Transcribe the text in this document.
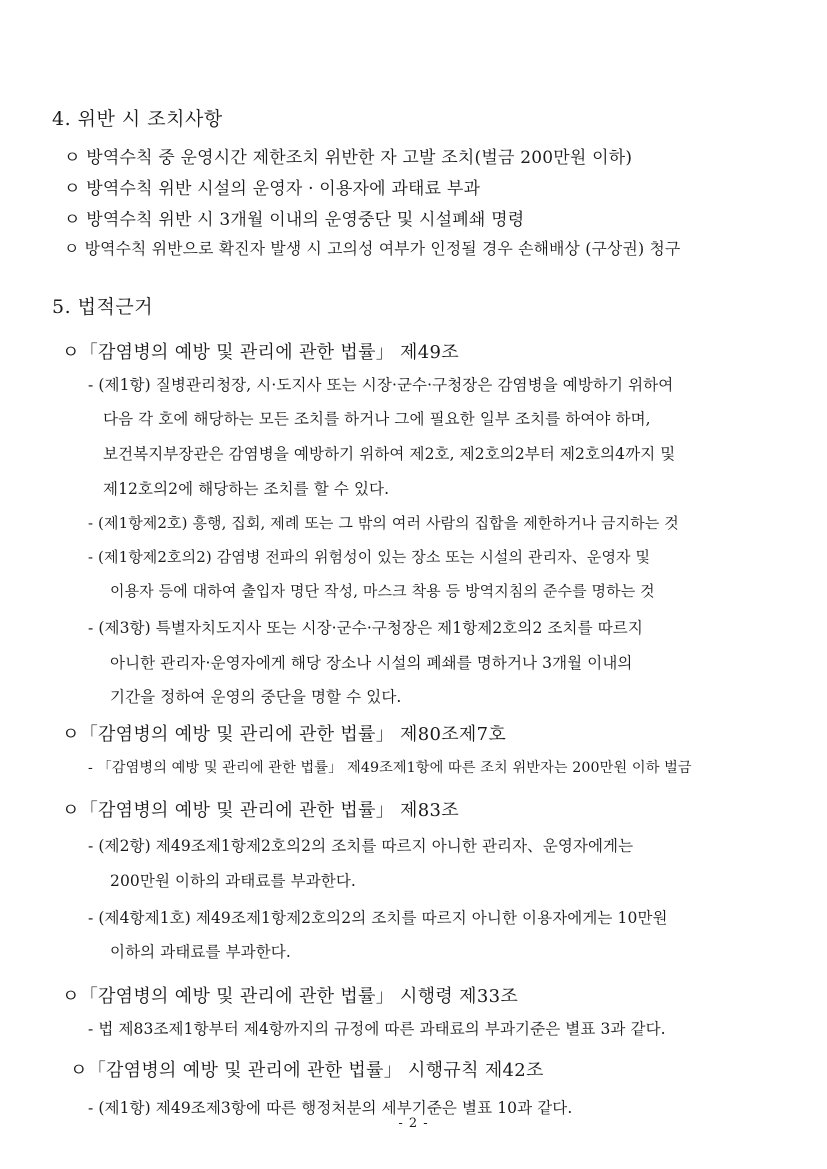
4. 위반 시 조치사항
ㅇ 방역수칙 중 운영시간 제한조치 위반한 자 고발 조치(벌금 200만원 이하)
ㅇ 방역수칙 위반 시설의 운영자 · 이용자에 과태료 부과
ㅇ 방역수칙 위반 시 3개월 이내의 운영중단 및 시설폐쇄 명령
ㅇ 방역수칙 위반으로 확진자 발생 시 고의성 여부가 인정될 경우 손해배상 (구상권) 청구
5. 법적근거
ㅇ「감염병의 예방 및 관리에 관한 법률」 제49조
- (제1항) 질병관리청장, 시·도지사 또는 시장·군수·구청장은 감염병을 예방하기 위하여
다음 각 호에 해당하는 모든 조치를 하거나 그에 필요한 일부 조치를 하여야 하며,
보건복지부장관은 감염병을 예방하기 위하여 제2호, 제2호의2부터 제2호의4까지 및
제12호의2에 해당하는 조치를 할 수 있다.
- (제1항제2호) 흥행, 집회, 제례 또는 그 밖의 여러 사람의 집합을 제한하거나 금지하는 것
- (제1항제2호의2) 감염병 전파의 위험성이 있는 장소 또는 시설의 관리자、운영자 및
이용자 등에 대하여 출입자 명단 작성, 마스크 착용 등 방역지침의 준수를 명하는 것
- (제3항) 특별자치도지사 또는 시장·군수·구청장은 제1항제2호의2 조치를 따르지
아니한 관리자·운영자에게 해당 장소나 시설의 폐쇄를 명하거나 3개월 이내의
기간을 정하여 운영의 중단을 명할 수 있다.
ㅇ「감염병의 예방 및 관리에 관한 법률」 제80조제7호
- 「감염병의 예방 및 관리에 관한 법률」 제49조제1항에 따른 조치 위반자는 200만원 이하 벌금
ㅇ「감염병의 예방 및 관리에 관한 법률」 제83조
- (제2항) 제49조제1항제2호의2의 조치를 따르지 아니한 관리자、운영자에게는
200만원 이하의 과태료를 부과한다.
- (제4항제1호) 제49조제1항제2호의2의 조치를 따르지 아니한 이용자에게는 10만원
이하의 과태료를 부과한다.
ㅇ「감염병의 예방 및 관리에 관한 법률」 시행령 제33조
- 법 제83조제1항부터 제4항까지의 규정에 따른 과태료의 부과기준은 별표 3과 같다.
ㅇ「감염병의 예방 및 관리에 관한 법률」 시행규칙 제42조
- (제1항) 제49조제3항에 따른 행정처분의 세부기준은 별표 10과 같다.
- 2 -
